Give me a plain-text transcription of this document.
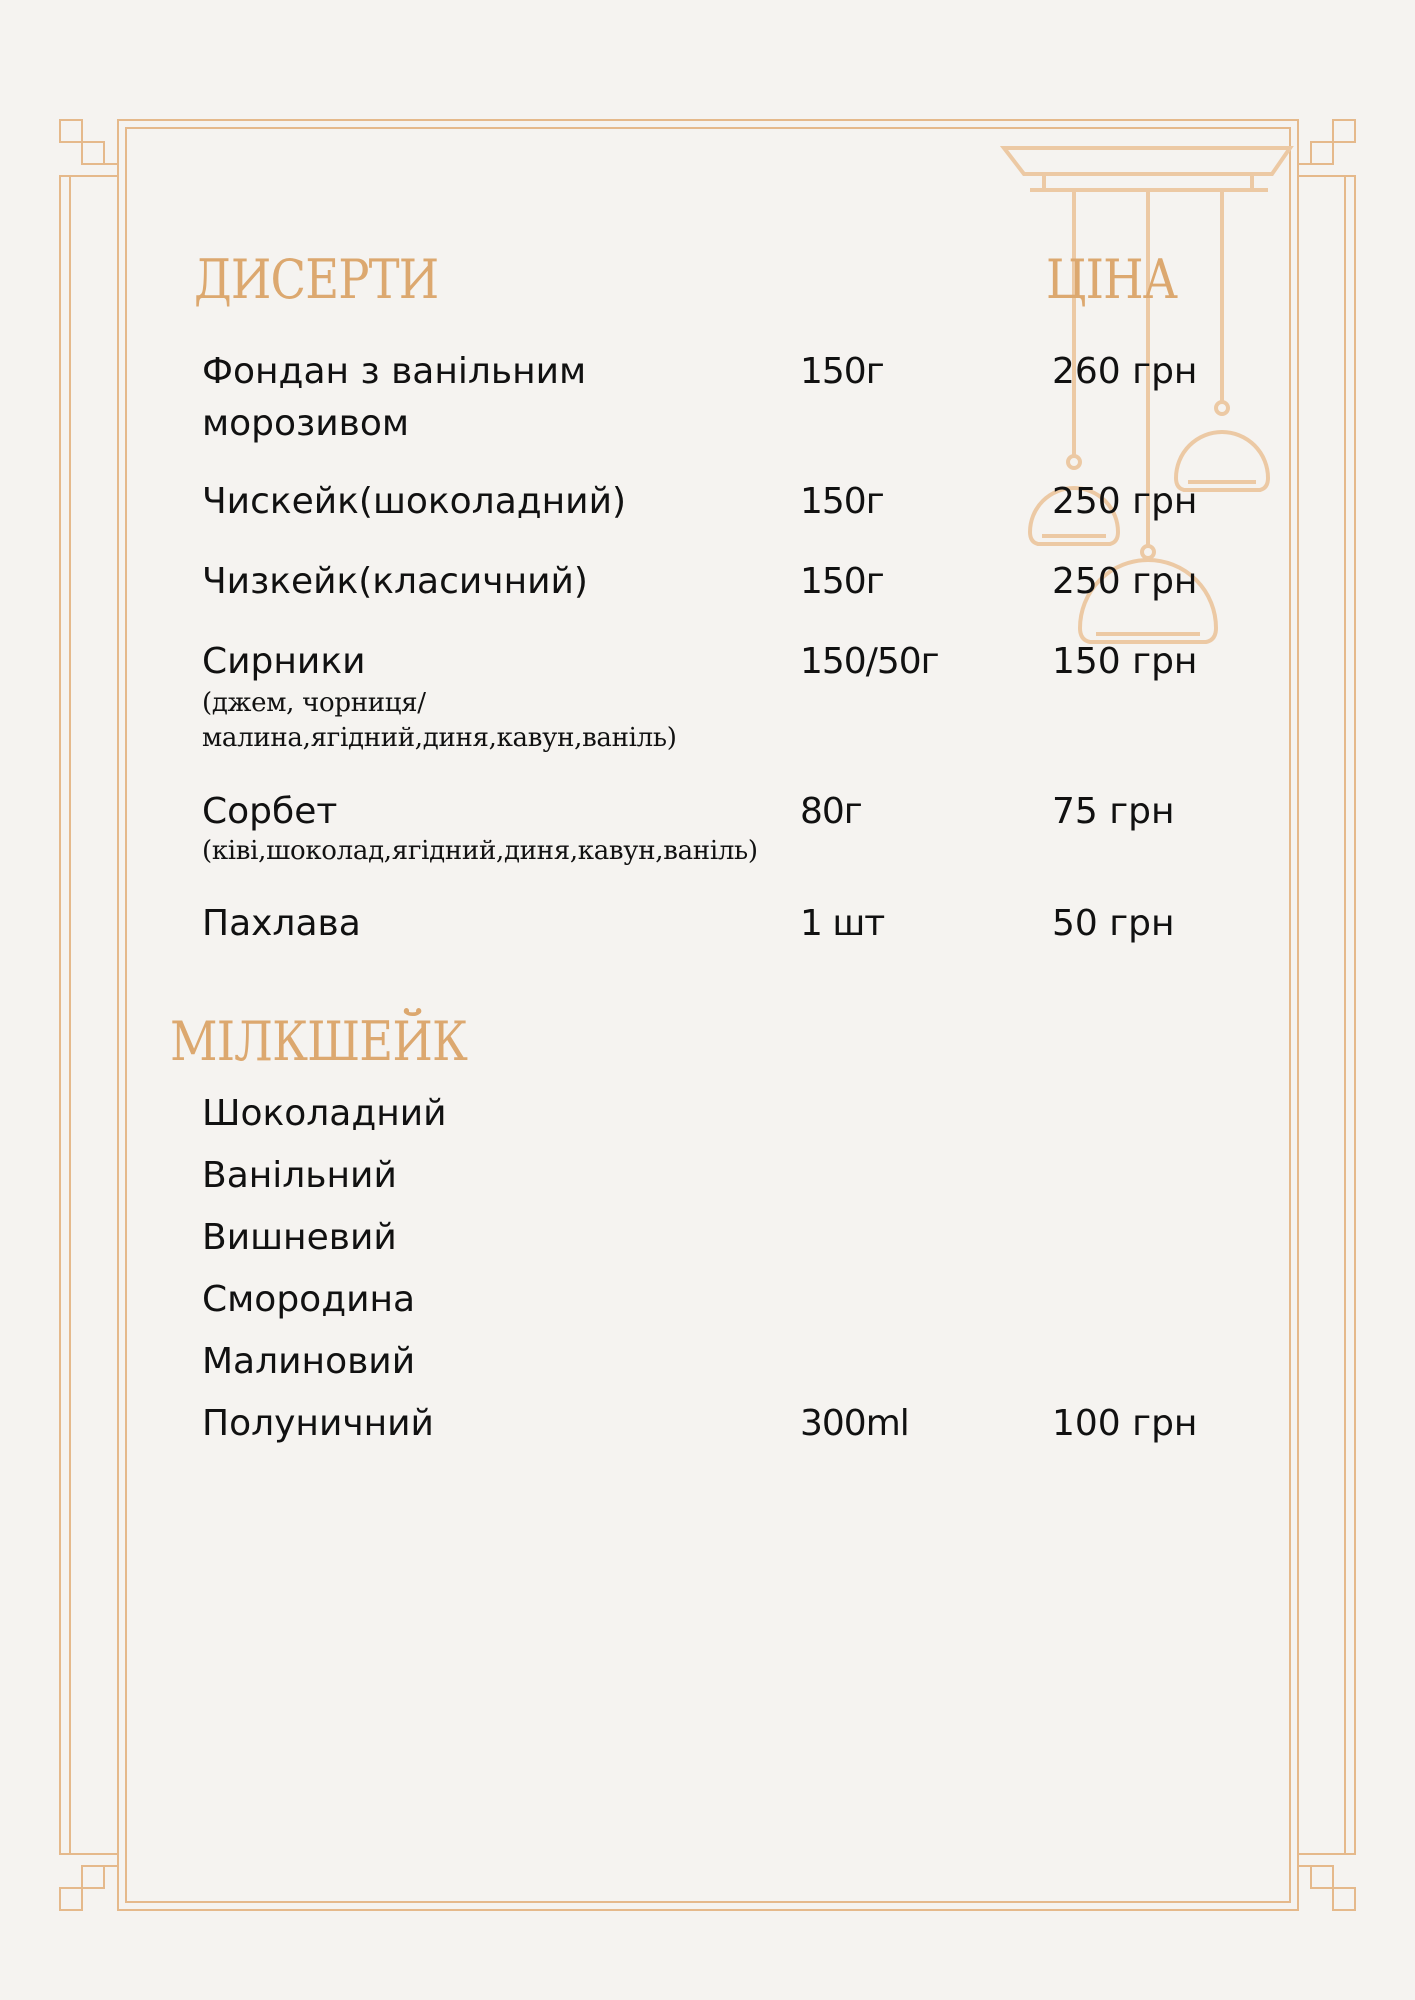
ДИСЕРТИ	ЦІНА
Фондан з ванільним морозивом
150г	260 грн
Чискейк(шоколадний)	150г	250 грн
Чизкейк(класичний)	150г	250 грн
Сирники
(джем, чорниця/
малина,ягідний,диня,кавун,ваніль)
150/50г	150 грн
Сорбет
(ківі,шоколад,ягідний,диня,кавун,ваніль)
80г	75 грн
Пахлава	1 шт	50 грн
МІЛКШЕЙК
Шоколадний
Ванільний
Вишневий
Смородина
Малиновий
Полуничний	300ml	100 грн
